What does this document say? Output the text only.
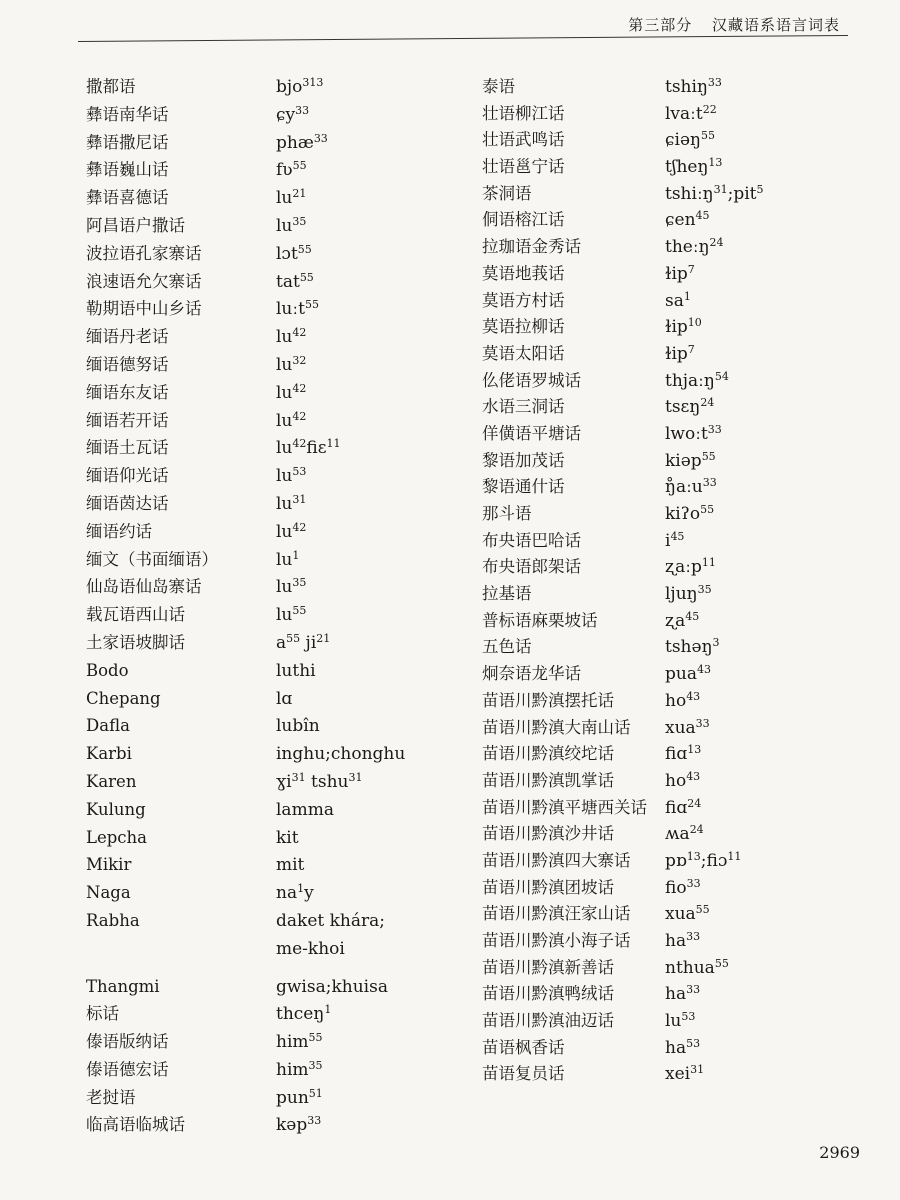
第三部分 汉藏语系语言词表
撒都语	bjo$^{313}$
彝语南华话	ɕy$^{33}$
彝语撒尼话	phæ$^{33}$
彝语巍山话	fʋ$^{55}$
彝语喜德话	$lu^{21}$
阿昌语户撒话	$lu^{35}$
波拉语孔家寨话	lɔt$^{55}$
浪速语允欠寨话	tat$^{55}$
勒期语中山乡话	luːt$^{55}$
缅语丹老话	$lu^{42}$
缅语德努话	$lu^{32}$
缅语东友话	$lu^{42}$
缅语若开话	$lu^{42}$
缅语土瓦话	$lu^{42}fiɛ^{11}$
缅语仰光话	$lu^{53}$
缅语茵达话	$lu^{31}$
缅语约话	$lu^{42}$
缅文（书面缅语）	$lu^1$
仙岛语仙岛寨话	$lu^{35}$
载瓦语西山话	$lu^{55}$
土家语坡脚话	$a^{55}$ $ji^{21}$
Bodo	luthi
Chepang	lɑ
Dafla	lubîn
Karbi	inghu;chonghu
Karen	ɣi$^{31}$ tshu$^{31}$
Kulung	lamma
Lepcha	kit
Mikir	mit
Naga	$na^1y$
Rabha	daket khára;
me-khoi
Thangmi	gwisa;khuisa
标话	thceŋ$^1$
傣语版纳话	him$^{55}$
傣语德宏话	him$^{35}$
老挝语	pun$^{51}$
临高语临城话	kəp$^{33}$
泰语	tshiŋ$^{33}$
壮语柳江话	lvaːt$^{22}$
壮语武鸣话	ɕiəŋ$^{55}$
壮语邕宁话	tʃheŋ$^{13}$
茶洞语	tshiːŋ$^{31}$;pit$^5$
侗语榕江话	ɕen$^{45}$
拉珈语金秀话	theːŋ$^{24}$
莫语地莪话	ɫip$^7$
莫语方村话	$sa^1$
莫语拉柳话	ɫip$^{10}$
莫语太阳话	ɫip$^7$
仫佬语罗城话	thjaːŋ$^{54}$
水语三洞话	tsɛŋ$^{24}$
佯僙语平塘话	lwoːt$^{33}$
黎语加茂话	kiəp$^{55}$
黎语通什话	ŋ̊aːu$^{33}$
那斗语	kiʔo$^{55}$
布央语巴哈话	$i^{45}$
布央语郎架话	ʐaːp$^{11}$
拉基语	ljuŋ$^{35}$
普标语麻栗坡话	ʐa$^{45}$
五色话	tshəŋ$^3$
炯奈语龙华话	pua$^{43}$
苗语川黔滇摆托话	$ho^{43}$
苗语川黔滇大南山话 xua$^{33}$
苗语川黔滇绞坨话	fiɑ$^{13}$
苗语川黔滇凯掌话	$ho^{43}$
苗语川黔滇平塘西关话 fiɑ$^{24}$
苗语川黔滇沙井话	ʍa$^{24}$
苗语川黔滇四大寨话 pɒ$^{13}$;fiɔ$^{11}$
苗语川黔滇团坡话	fio$^{33}$
苗语川黔滇汪家山话 xua$^{55}$
苗语川黔滇小海子话 $ha^{33}$
苗语川黔滇新善话	nthua$^{55}$
苗语川黔滇鸭绒话	$ha^{33}$
苗语川黔滇油迈话	$lu^{53}$
苗语枫香话	$ha^{53}$
苗语复员话	xei$^{31}$
2969
